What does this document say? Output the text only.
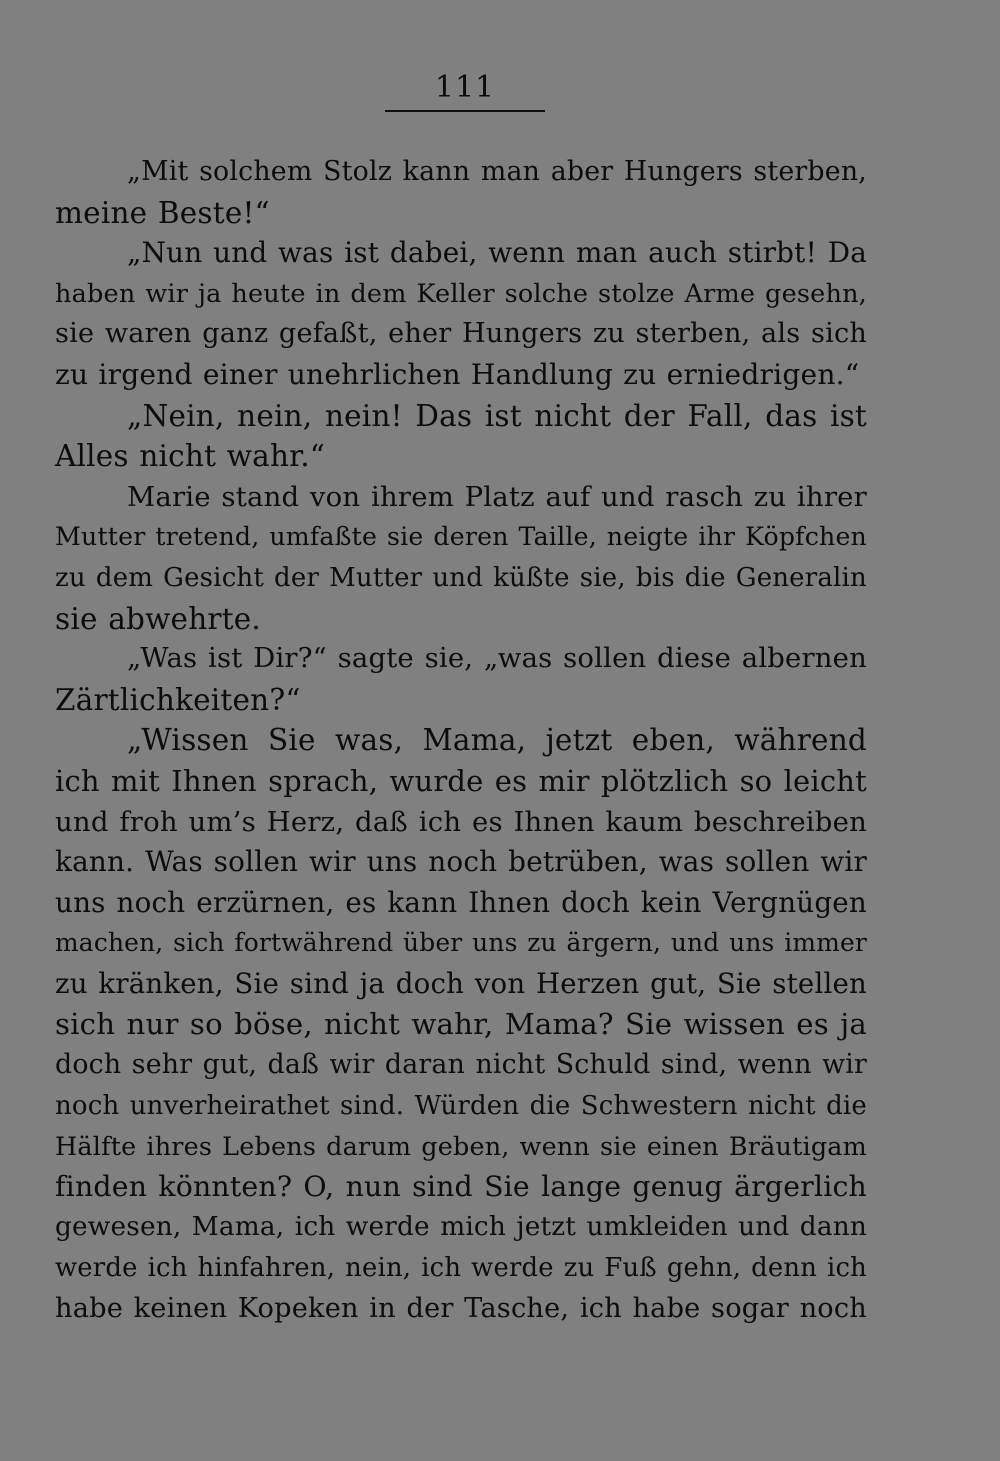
111
„Mit solchem Stolz kann man aber Hungers sterben,
meine Beste!“
„Nun und was ist dabei, wenn man auch stirbt! Da
haben wir ja heute in dem Keller solche stolze Arme gesehn,
sie waren ganz gefaßt, eher Hungers zu sterben, als sich
zu irgend einer unehrlichen Handlung zu erniedrigen.“
„Nein, nein, nein! Das ist nicht der Fall, das ist
Alles nicht wahr.“
Marie stand von ihrem Platz auf und rasch zu ihrer
Mutter tretend, umfaßte sie deren Taille, neigte ihr Köpfchen
zu dem Gesicht der Mutter und küßte sie, bis die Generalin
sie abwehrte.
„Was ist Dir?“ sagte sie, „was sollen diese albernen
Zärtlichkeiten?“
„Wissen Sie was, Mama, jetzt eben, während
ich mit Ihnen sprach, wurde es mir plötzlich so leicht
und froh um’s Herz, daß ich es Ihnen kaum beschreiben
kann. Was sollen wir uns noch betrüben, was sollen wir
uns noch erzürnen, es kann Ihnen doch kein Vergnügen
machen, sich fortwährend über uns zu ärgern, und uns immer
zu kränken, Sie sind ja doch von Herzen gut, Sie stellen
sich nur so böse, nicht wahr, Mama? Sie wissen es ja
doch sehr gut, daß wir daran nicht Schuld sind, wenn wir
noch unverheirathet sind. Würden die Schwestern nicht die
Hälfte ihres Lebens darum geben, wenn sie einen Bräutigam
finden könnten? O, nun sind Sie lange genug ärgerlich
gewesen, Mama, ich werde mich jetzt umkleiden und dann
werde ich hinfahren, nein, ich werde zu Fuß gehn, denn ich
habe keinen Kopeken in der Tasche, ich habe sogar noch
